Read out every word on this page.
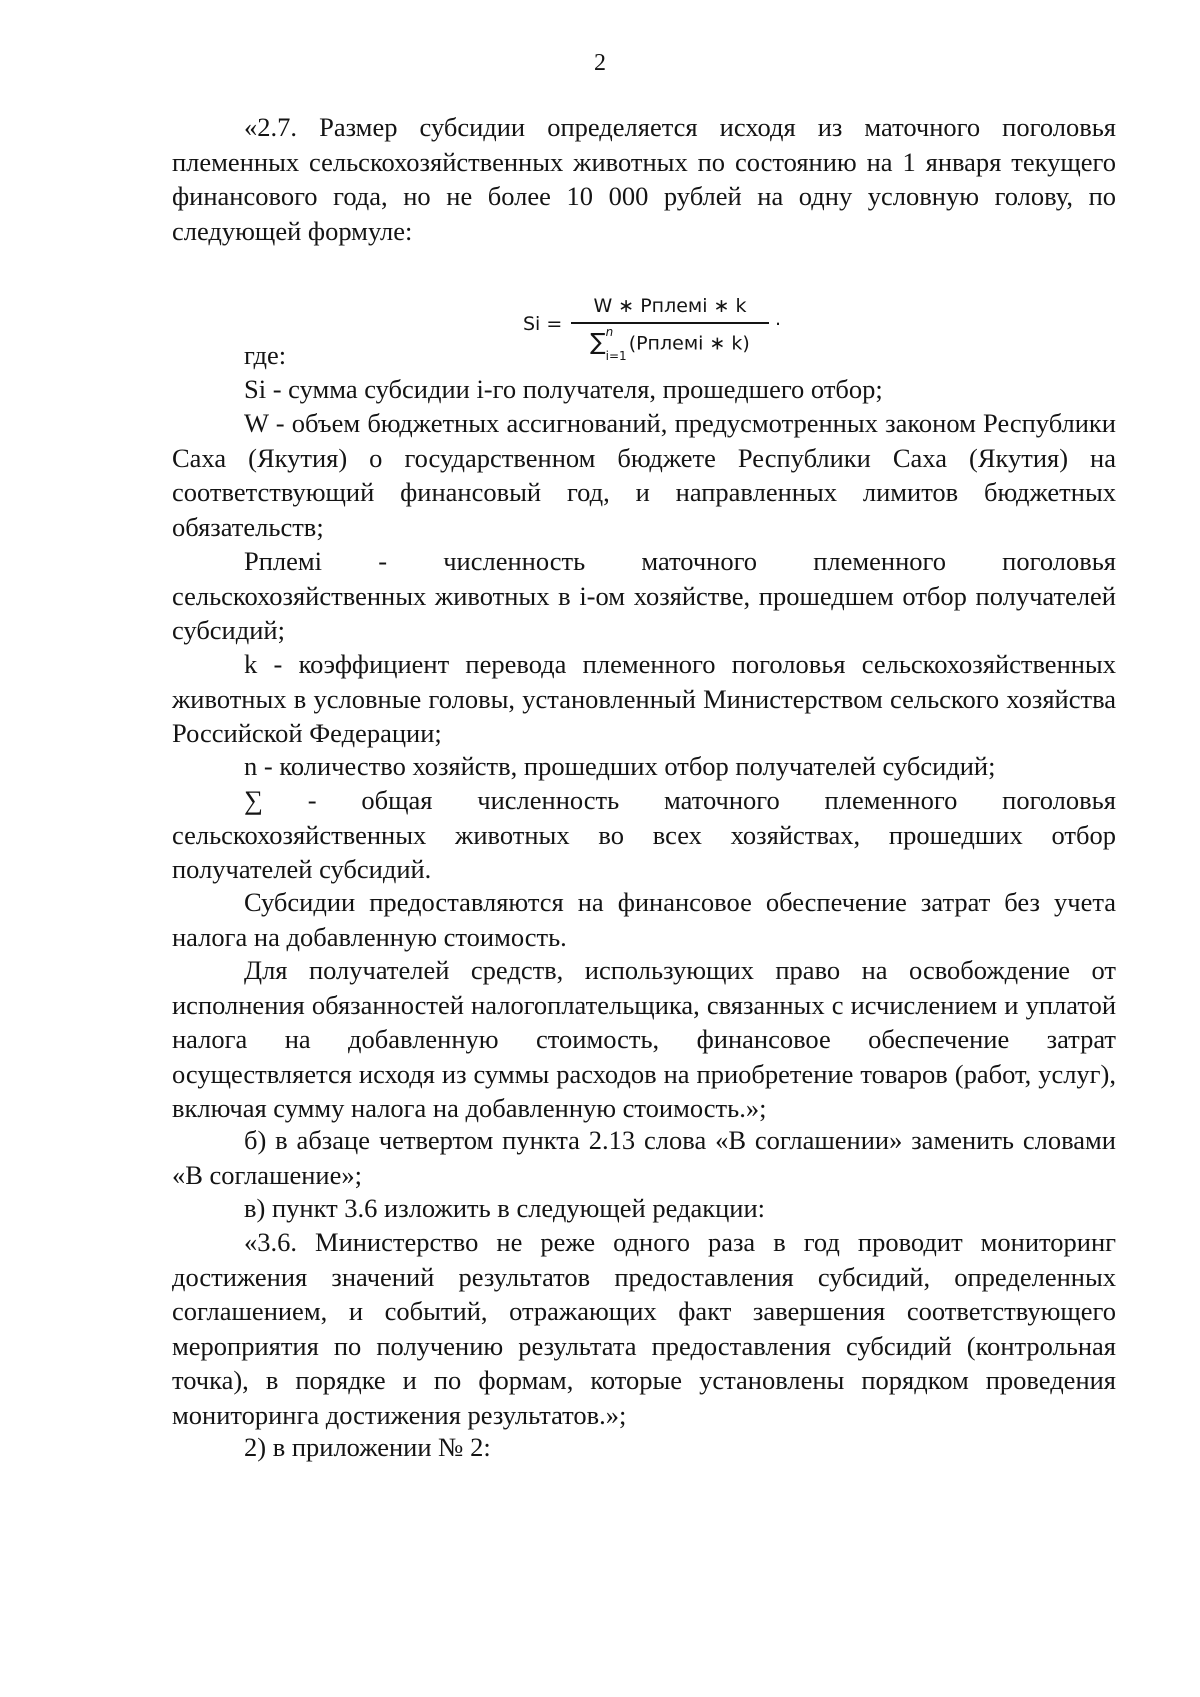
2

«2.7. Размер субсидии определяется исходя из маточного поголовья племенных сельскохозяйственных животных по состоянию на 1 января текущего финансового года, но не более 10 000 рублей на одну условную голову, по следующей формуле:

Si =
W ∗ Рплемi ∗ k
∑$^n$
$_{i=1}$(Рплемi ∗ k)
.

где:

Si - сумма субсидии i-го получателя, прошедшего отбор;

W - объем бюджетных ассигнований, предусмотренных законом Республики Саха (Якутия) о государственном бюджете Республики Саха (Якутия) на соответствующий финансовый год, и направленных лимитов бюджетных обязательств;

Рплемi - численность маточного племенного поголовья
сельскохозяйственных животных в i-ом хозяйстве, прошедшем отбор получателей субсидий;

k - коэффициент перевода племенного поголовья сельскохозяйственных животных в условные головы, установленный Министерством сельского хозяйства Российской Федерации;

n - количество хозяйств, прошедших отбор получателей субсидий;

∑ - общая численность маточного племенного поголовья
сельскохозяйственных животных во всех хозяйствах, прошедших отбор получателей субсидий.

Субсидии предоставляются на финансовое обеспечение затрат без учета налога на добавленную стоимость.

Для получателей средств, использующих право на освобождение от исполнения обязанностей налогоплательщика, связанных с исчислением и уплатой налога на добавленную стоимость, финансовое обеспечение затрат осуществляется исходя из суммы расходов на приобретение товаров (работ, услуг), включая сумму налога на добавленную стоимость.»;

б) в абзаце четвертом пункта 2.13 слова «В соглашении» заменить словами «В соглашение»;

в) пункт 3.6 изложить в следующей редакции:

«3.6. Министерство не реже одного раза в год проводит мониторинг достижения значений результатов предоставления субсидий, определенных соглашением, и событий, отражающих факт завершения соответствующего мероприятия по получению результата предоставления субсидий (контрольная точка), в порядке и по формам, которые установлены порядком проведения мониторинга достижения результатов.»;

2) в приложении № 2:
